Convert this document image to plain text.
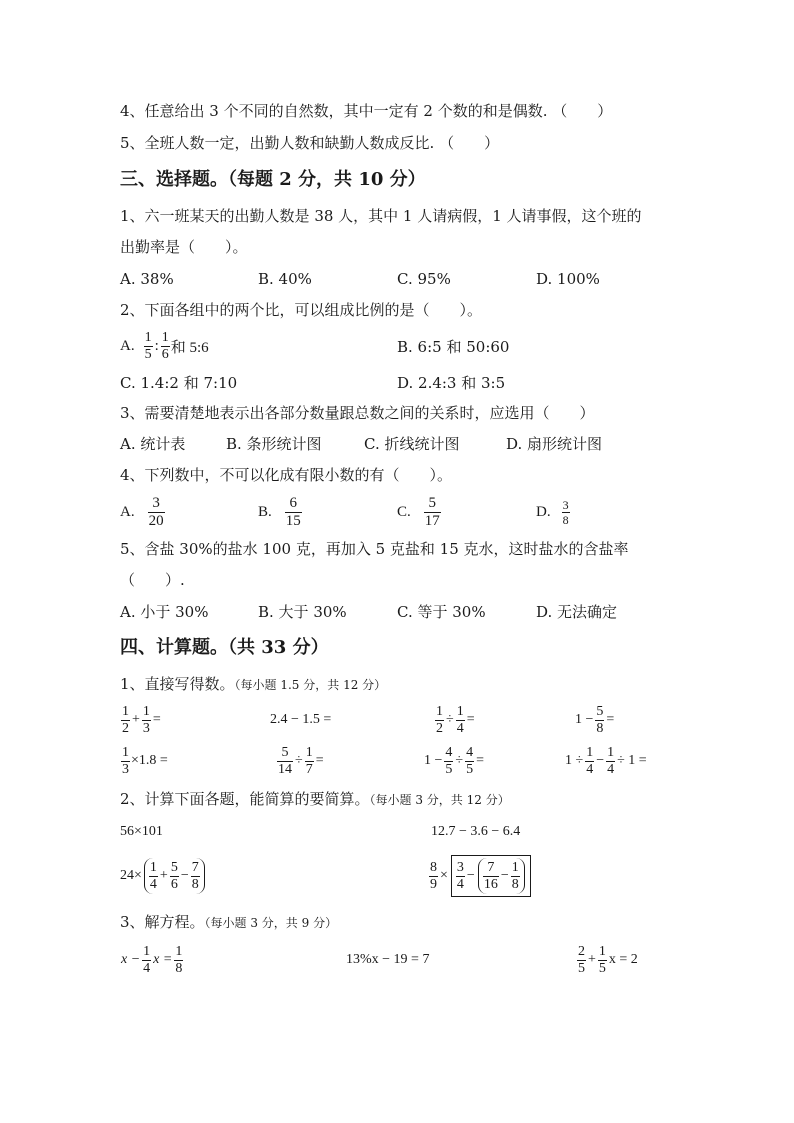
4、任意给出 3 个不同的自然数，其中一定有 2 个数的和是偶数. （　　）
5、全班人数一定，出勤人数和缺勤人数成反比. （　　）
三、选择题。（每题 2 分，共 10 分）
1、六一班某天的出勤人数是 38 人，其中 1 人请病假，1 人请事假，这个班的
出勤率是（　　）。
A. 38%	B. 40%	C. 95%	D. 100%
2、下面各组中的两个比，可以组成比例的是（　　）。
A. $\frac{1}{5}$ : $\frac{1}{6}$ 和 5:6	B. 6:5 和 50:60
C. 1.4:2 和 7:10	D. 2.4:3 和 3:5
3、需要清楚地表示出各部分数量跟总数之间的关系时，应选用（　　）
A. 统计表	B. 条形统计图	C. 折线统计图	D. 扇形统计图
4、下列数中，不可以化成有限小数的有（　　）。
A. $\frac{3}{20}$	B. $\frac{6}{15}$	C. $\frac{5}{17}$	D. $\frac{3}{8}$
5、含盐 30%的盐水 100 克，再加入 5 克盐和 15 克水，这时盐水的含盐率
（　　）.
A. 小于 30%	B. 大于 30%	C. 等于 30%	D. 无法确定
四、计算题。（共 33 分）
1、直接写得数。（每小题 1.5 分，共 12 分）
$\frac{1}{2} + \frac{1}{3}$ =	2.4 − 1.5 =	$\frac{1}{2} \div \frac{1}{4}$ =	$1 - \frac{5}{8}$ =
$\frac{1}{3} \times 1.8$ =	$\frac{5}{14} \div \frac{1}{7}$ =	$1 - \frac{4}{5} \div \frac{4}{5}$ =	$1 \div \frac{1}{4} - \frac{1}{4} \div 1$ =
2、计算下面各题，能简算的要简算。（每小题 3 分，共 12 分）
56×101	12.7 − 3.6 − 6.4
$24\times \frac{1}{4} + \frac{5}{6} - \frac{7}{8}$	$\frac{8}{9} \times \frac{3}{4} - \frac{7}{16} - \frac{1}{8}$
3、解方程。（每小题 3 分，共 9 分）
$x - \frac{1}{4}$ $x = \frac{1}{8}$	13%x − 19 = 7	$\frac{2}{5} + \frac{1}{5}$ x = 2
